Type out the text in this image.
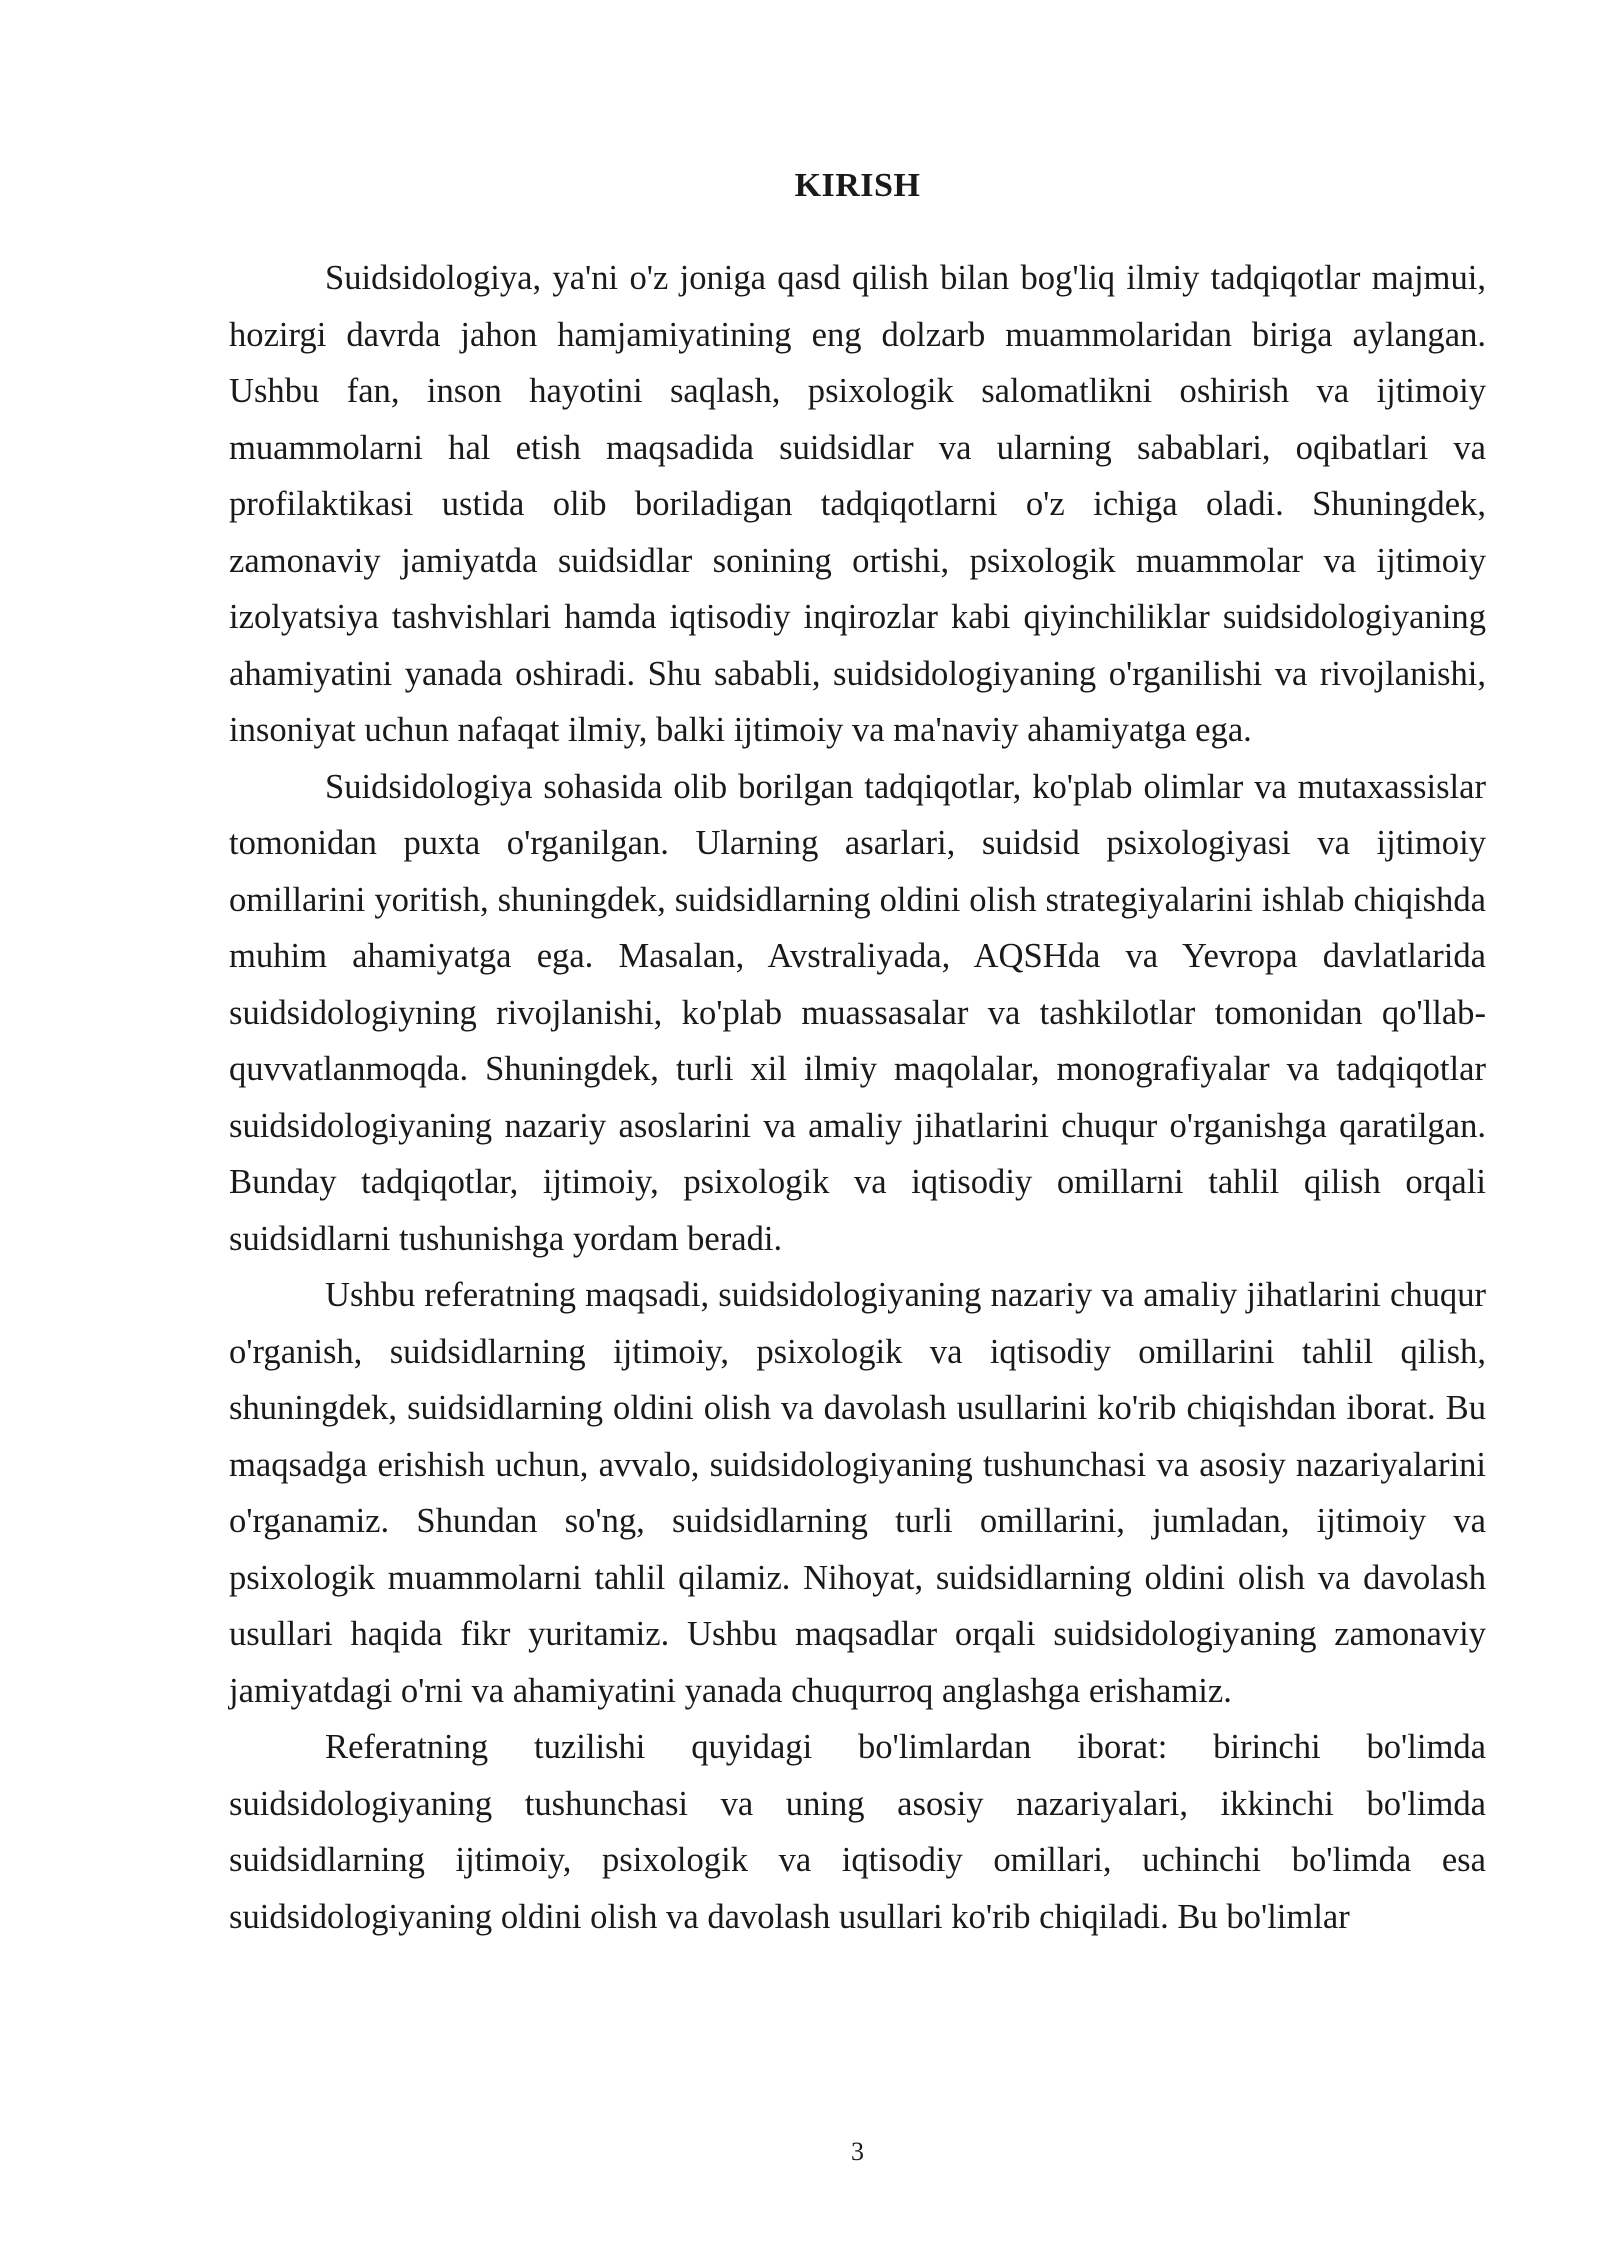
KIRISH

Suidsidologiya, ya'ni o'z joniga qasd qilish bilan bog'liq ilmiy tadqiqotlar majmui, hozirgi davrda jahon hamjamiyatining eng dolzarb muammolaridan biriga aylangan. Ushbu fan, inson hayotini saqlash, psixologik salomatlikni oshirish va ijtimoiy muammolarni hal etish maqsadida suidsidlar va ularning sabablari, oqibatlari va profilaktikasi ustida olib boriladigan tadqiqotlarni o'z ichiga oladi. Shuningdek, zamonaviy jamiyatda suidsidlar sonining ortishi, psixologik muammolar va ijtimoiy izolyatsiya tashvishlari hamda iqtisodiy inqirozlar kabi qiyinchiliklar suidsidologiyaning ahamiyatini yanada oshiradi. Shu sababli, suidsidologiyaning o'rganilishi va rivojlanishi, insoniyat uchun nafaqat ilmiy, balki ijtimoiy va ma'naviy ahamiyatga ega.

Suidsidologiya sohasida olib borilgan tadqiqotlar, ko'plab olimlar va mutaxassislar tomonidan puxta o'rganilgan. Ularning asarlari, suidsid psixologiyasi va ijtimoiy omillarini yoritish, shuningdek, suidsidlarning oldini olish strategiyalarini ishlab chiqishda muhim ahamiyatga ega. Masalan, Avstraliyada, AQSHda va Yevropa davlatlarida suidsidologiyning rivojlanishi, ko'plab muassasalar va tashkilotlar tomonidan qo'llab-quvvatlanmoqda. Shuningdek, turli xil ilmiy maqolalar, monografiyalar va tadqiqotlar suidsidologiyaning nazariy asoslarini va amaliy jihatlarini chuqur o'rganishga qaratilgan. Bunday tadqiqotlar, ijtimoiy, psixologik va iqtisodiy omillarni tahlil qilish orqali suidsidlarni tushunishga yordam beradi.

Ushbu referatning maqsadi, suidsidologiyaning nazariy va amaliy jihatlarini chuqur o'rganish, suidsidlarning ijtimoiy, psixologik va iqtisodiy omillarini tahlil qilish, shuningdek, suidsidlarning oldini olish va davolash usullarini ko'rib chiqishdan iborat. Bu maqsadga erishish uchun, avvalo, suidsidologiyaning tushunchasi va asosiy nazariyalarini o'rganamiz. Shundan so'ng, suidsidlarning turli omillarini, jumladan, ijtimoiy va psixologik muammolarni tahlil qilamiz. Nihoyat, suidsidlarning oldini olish va davolash usullari haqida fikr yuritamiz. Ushbu maqsadlar orqali suidsidologiyaning zamonaviy jamiyatdagi o'rni va ahamiyatini yanada chuqurroq anglashga erishamiz.

Referatning tuzilishi quyidagi bo'limlardan iborat: birinchi bo'limda suidsidologiyaning tushunchasi va uning asosiy nazariyalari, ikkinchi bo'limda suidsidlarning ijtimoiy, psixologik va iqtisodiy omillari, uchinchi bo'limda esa suidsidologiyaning oldini olish va davolash usullari ko'rib chiqiladi. Bu bo'limlar

3
